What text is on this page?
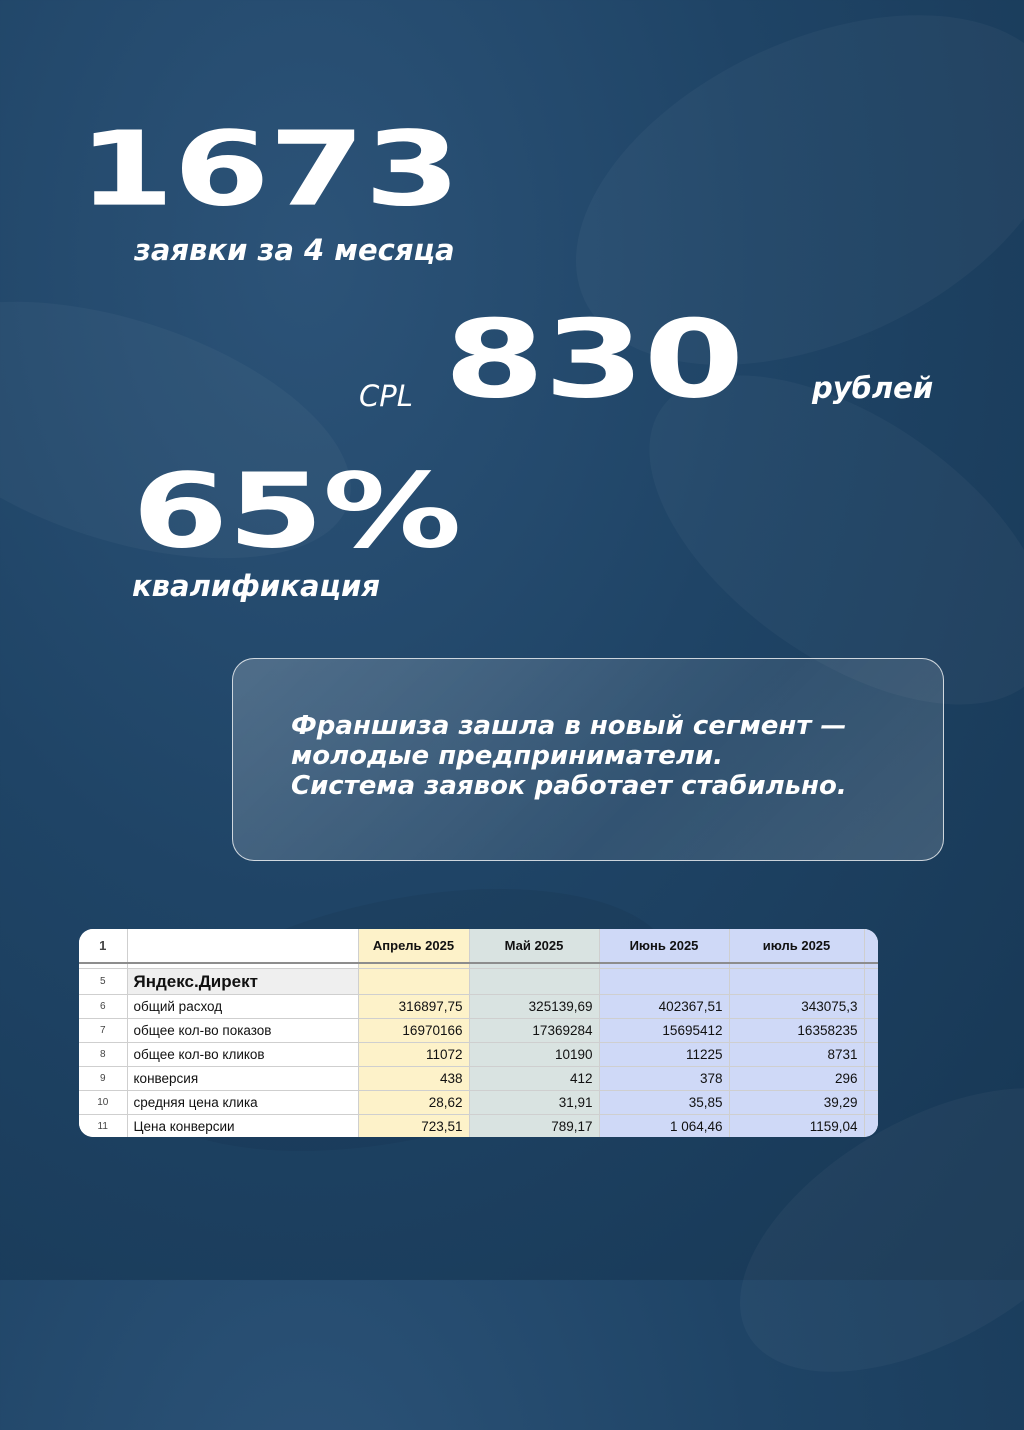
1673
заявки за 4 месяца
CPL 830 рублей
65%
квалификация

Франшиза зашла в новый сегмент —
молодые предприниматели.
Система заявок работает стабильно.

1		Апрель 2025	Май 2025	Июнь 2025	июль 2025	

5	Яндекс.Директ					
6	общий расход	316897,75	325139,69	402367,51	343075,3	
7	общее кол-во показов	16970166	17369284	15695412	16358235	
8	общее кол-во кликов	11072	10190	11225	8731	
9	конверсия	438	412	378	296	
10	средняя цена клика	28,62	31,91	35,85	39,29	
11	Цена конверсии	723,51	789,17	1 064,46	1159,04	
